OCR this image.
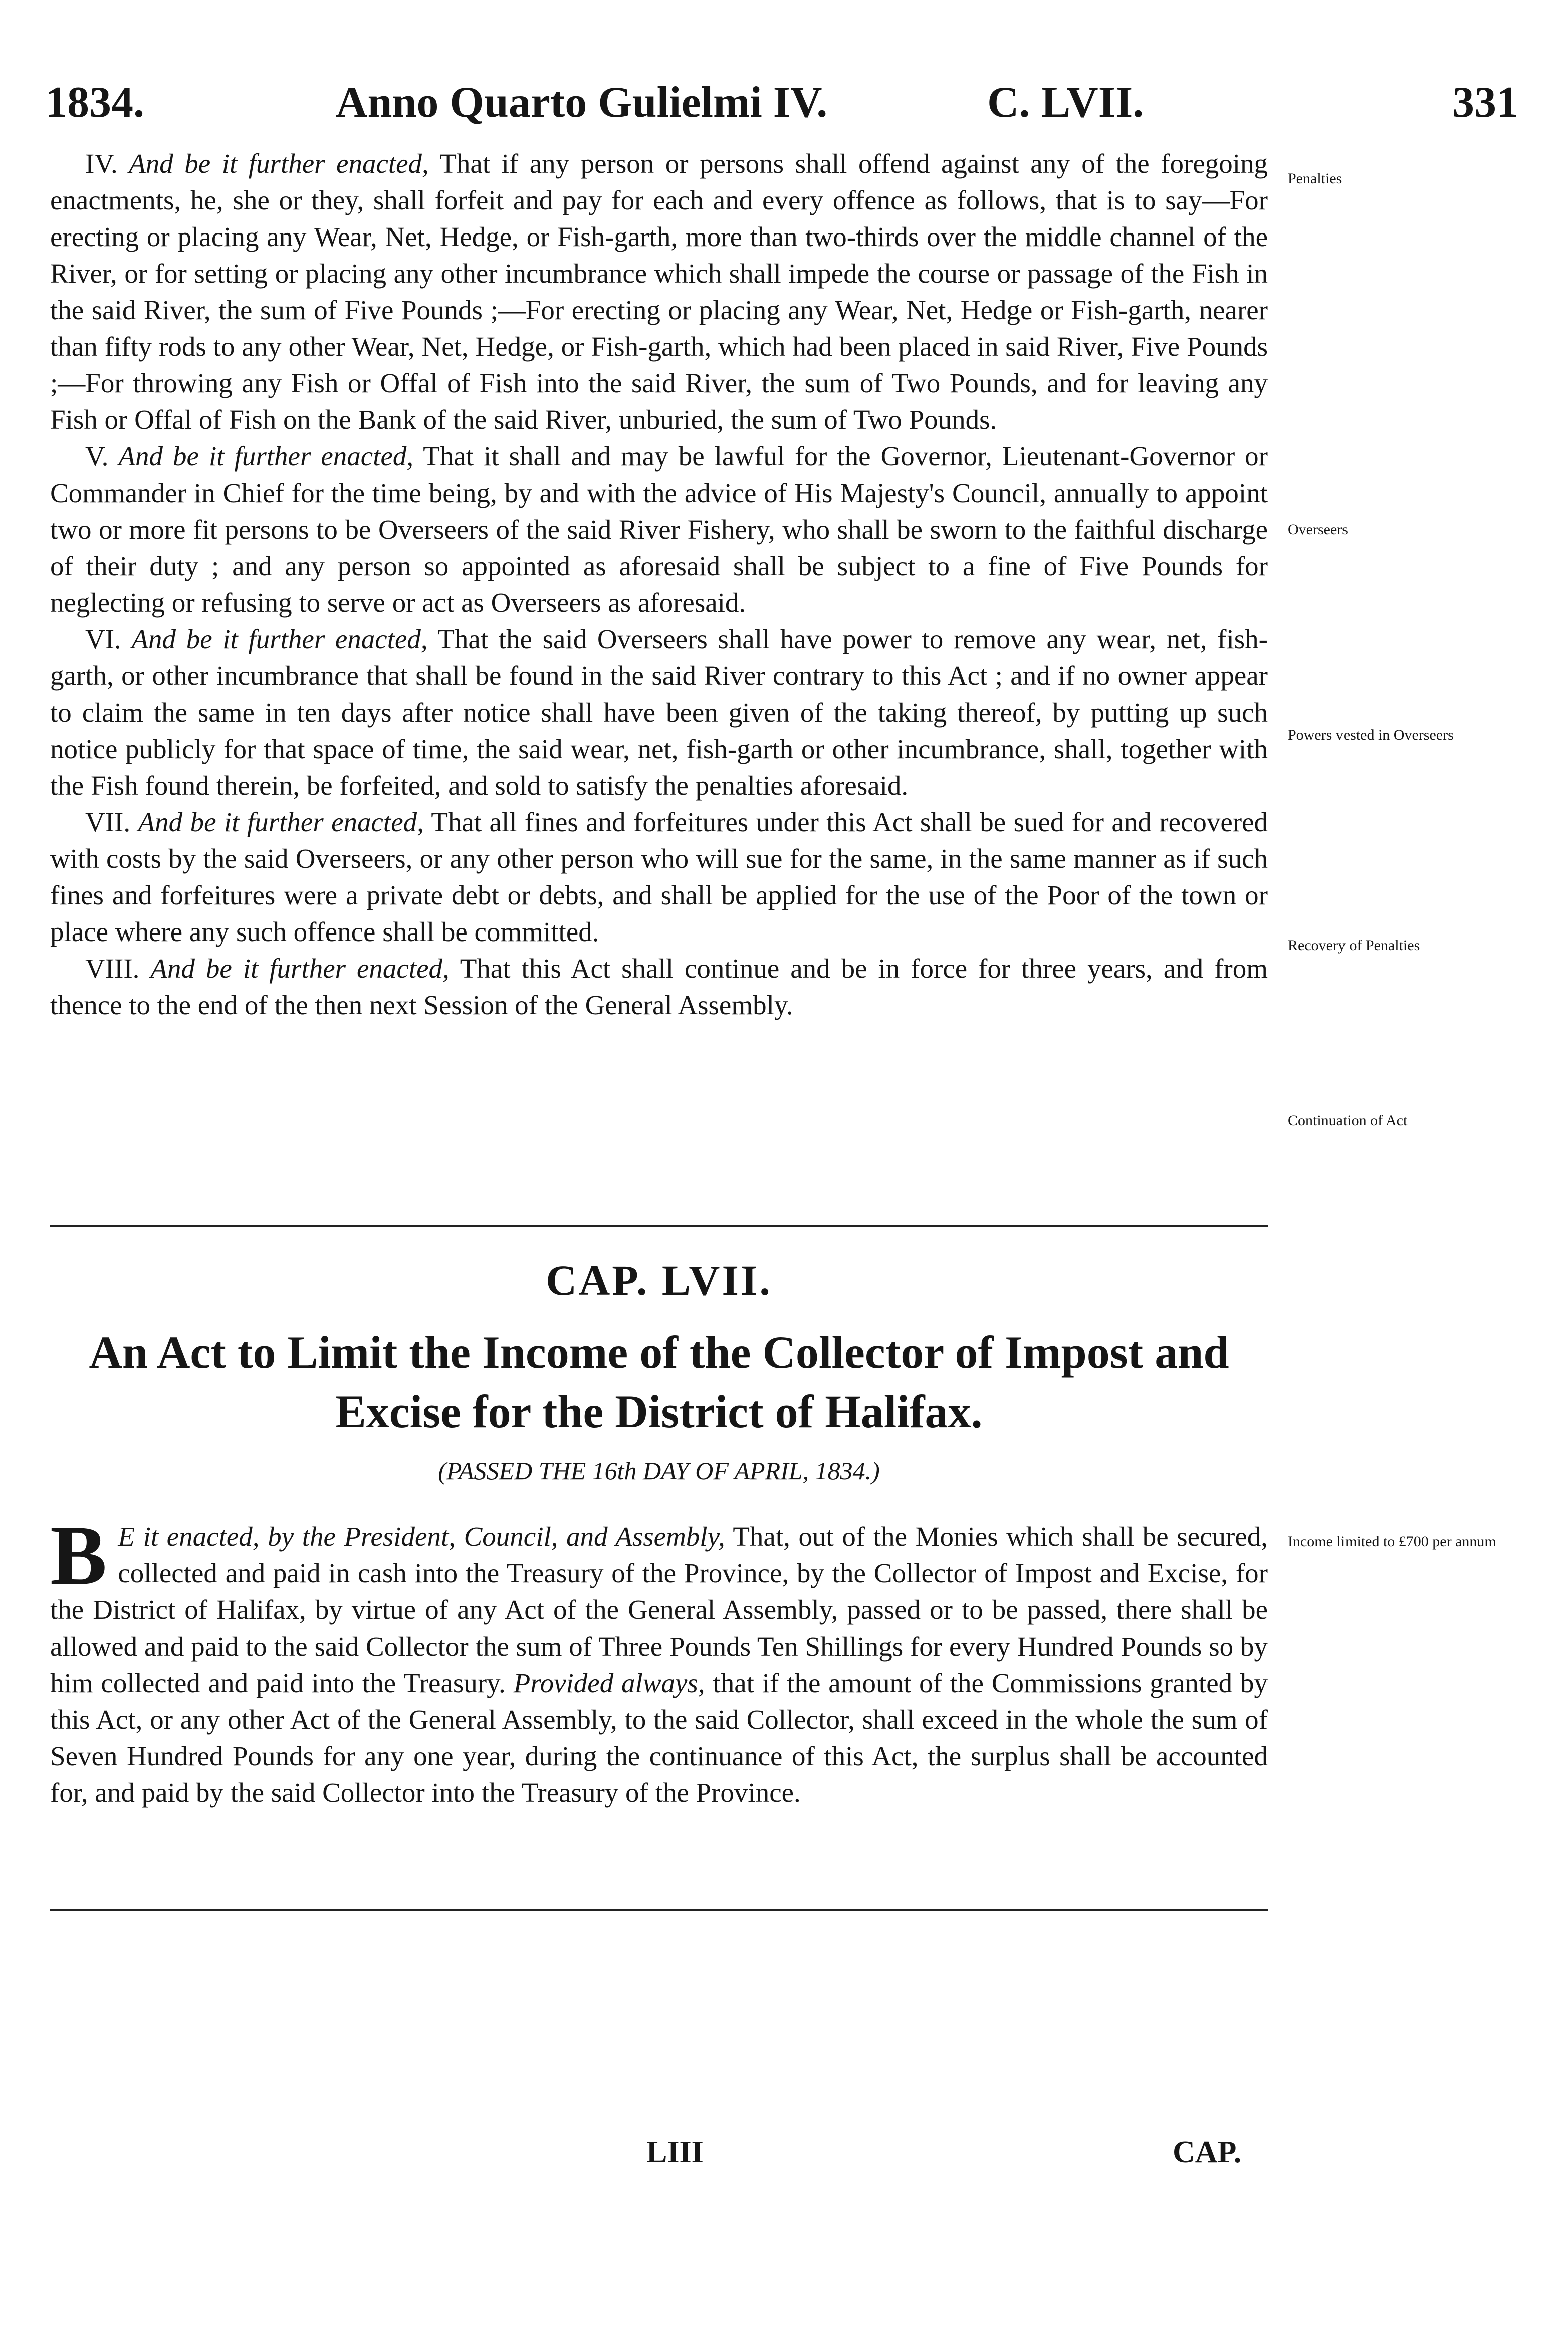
1834.	Anno Quarto Gulielmi IV.	C. LVII.	331

IV. And be it further enacted, That if any person or persons shall offend against any of the foregoing enactments, he, she or they, shall forfeit and pay for each and every offence as follows, that is to say—For erecting or placing any Wear, Net, Hedge, or Fish-garth, more than two-thirds over the middle channel of the River, or for setting or placing any other incumbrance which shall impede the course or passage of the Fish in the said River, the sum of Five Pounds ;—For erecting or placing any Wear, Net, Hedge or Fish-garth, nearer than fifty rods to any other Wear, Net, Hedge, or Fish-garth, which had been placed in said River, Five Pounds ;—For throwing any Fish or Offal of Fish into the said River, the sum of Two Pounds, and for leaving any Fish or Offal of Fish on the Bank of the said River, unburied, the sum of Two Pounds.

V. And be it further enacted, That it shall and may be lawful for the Governor, Lieutenant-Governor or Commander in Chief for the time being, by and with the advice of His Majesty's Council, annually to appoint two or more fit persons to be Overseers of the said River Fishery, who shall be sworn to the faithful discharge of their duty ; and any person so appointed as aforesaid shall be subject to a fine of Five Pounds for neglecting or refusing to serve or act as Overseers as aforesaid.

VI. And be it further enacted, That the said Overseers shall have power to remove any wear, net, fish-garth, or other incumbrance that shall be found in the said River contrary to this Act ; and if no owner appear to claim the same in ten days after notice shall have been given of the taking thereof, by putting up such notice publicly for that space of time, the said wear, net, fish-garth or other incumbrance, shall, together with the Fish found therein, be forfeited, and sold to satisfy the penalties aforesaid.

VII. And be it further enacted, That all fines and forfeitures under this Act shall be sued for and recovered with costs by the said Overseers, or any other person who will sue for the same, in the same manner as if such fines and forfeitures were a private debt or debts, and shall be applied for the use of the Poor of the town or place where any such offence shall be committed.

VIII. And be it further enacted, That this Act shall continue and be in force for three years, and from thence to the end of the then next Session of the General Assembly.

Penalties
Overseers
Powers vested in Overseers
Recovery of Penalties
Continuation of Act
Income limited to £700 per annum
CAP. LVII.
An Act to Limit the Income of the Collector of Impost and Excise for the District of Halifax.
(PASSED THE 16th DAY OF APRIL, 1834.)
B E it enacted, by the President, Council, and Assembly, That, out of the Monies which shall be secured, collected and paid in cash into the Treasury of the Province, by the Collector of Impost and Excise, for the District of Halifax, by virtue of any Act of the General Assembly, passed or to be passed, there shall be allowed and paid to the said Collector the sum of Three Pounds Ten Shillings for every Hundred Pounds so by him collected and paid into the Treasury. Provided always, that if the amount of the Commissions granted by this Act, or any other Act of the General Assembly, to the said Collector, shall exceed in the whole the sum of Seven Hundred Pounds for any one year, during the continuance of this Act, the surplus shall be accounted for, and paid by the said Collector into the Treasury of the Province.
LIII	CAP.
